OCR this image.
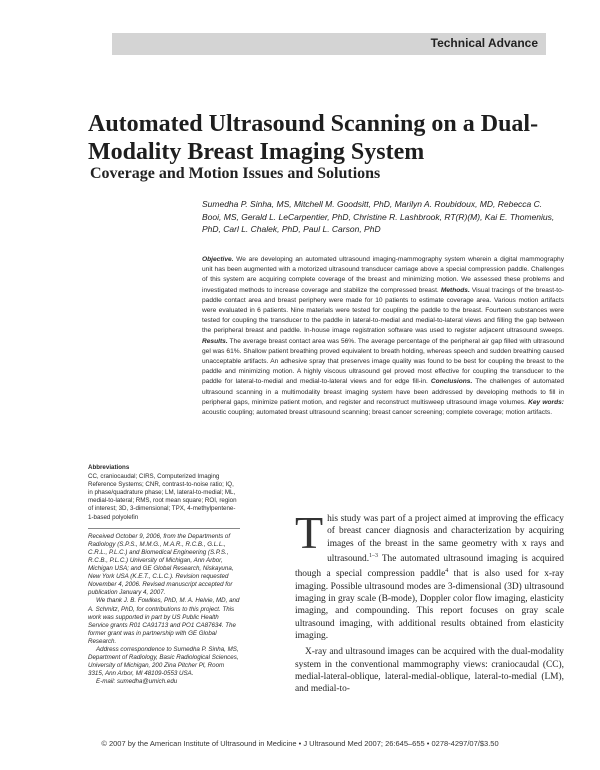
Technical Advance
Automated Ultrasound Scanning on a Dual-Modality Breast Imaging System
Coverage and Motion Issues and Solutions
Sumedha P. Sinha, MS, Mitchell M. Goodsitt, PhD, Marilyn A. Roubidoux, MD, Rebecca C. Booi, MS, Gerald L. LeCarpentier, PhD, Christine R. Lashbrook, RT(R)(M), Kai E. Thomenius, PhD, Carl L. Chalek, PhD, Paul L. Carson, PhD
Objective. We are developing an automated ultrasound imaging-mammography system wherein a digital mammography unit has been augmented with a motorized ultrasound transducer carriage above a special compression paddle. Challenges of this system are acquiring complete coverage of the breast and minimizing motion. We assessed these problems and investigated methods to increase coverage and stabilize the compressed breast. Methods. Visual tracings of the breast-to-paddle contact area and breast periphery were made for 10 patients to estimate coverage area. Various motion artifacts were evaluated in 6 patients. Nine materials were tested for coupling the paddle to the breast. Fourteen substances were tested for coupling the transducer to the paddle in lateral-to-medial and medial-to-lateral views and filling the gap between the peripheral breast and paddle. In-house image registration software was used to register adjacent ultrasound sweeps. Results. The average breast contact area was 56%. The average percentage of the peripheral air gap filled with ultrasound gel was 61%. Shallow patient breathing proved equivalent to breath holding, whereas speech and sudden breathing caused unacceptable artifacts. An adhesive spray that preserves image quality was found to be best for coupling the breast to the paddle and minimizing motion. A highly viscous ultrasound gel proved most effective for coupling the transducer to the paddle for lateral-to-medial and medial-to-lateral views and for edge fill-in. Conclusions. The challenges of automated ultrasound scanning in a multimodality breast imaging system have been addressed by developing methods to fill in peripheral gaps, minimize patient motion, and register and reconstruct multisweep ultrasound image volumes. Key words: acoustic coupling; automated breast ultrasound scanning; breast cancer screening; complete coverage; motion artifacts.
Abbreviations
CC, craniocaudal; CIRS, Computerized Imaging Reference Systems; CNR, contrast-to-noise ratio; IQ, in phase/quadrature phase; LM, lateral-to-medial; ML, medial-to-lateral; RMS, root mean square; ROI, region of interest; 3D, 3-dimensional; TPX, 4-methylpentene-1-based polyolefin

Received October 9, 2006, from the Departments of Radiology (S.P.S., M.M.G., M.A.R., R.C.B., G.L.L., C.R.L., P.L.C.) and Biomedical Engineering (S.P.S., R.C.B., P.L.C.) University of Michigan, Ann Arbor, Michigan USA; and GE Global Research, Niskayuna, New York USA (K.E.T., C.L.C.). Revision requested November 4, 2006. Revised manuscript accepted for publication January 4, 2007.

We thank J. B. Fowlkes, PhD, M. A. Helvie, MD, and A. Schmitz, PhD, for contributions to this project. This work was supported in part by US Public Health Service grants R01 CA91713 and PO1 CA87634. The former grant was in partnership with GE Global Research.

Address correspondence to Sumedha P. Sinha, MS, Department of Radiology, Basic Radiological Sciences, University of Michigan, 200 Zina Pitcher Pl, Room 3315, Ann Arbor, MI 48109-0553 USA.

E-mail: sumedha@umich.edu

This study was part of a project aimed at improving the efficacy of breast cancer diagnosis and characterization by acquiring images of the breast in the same geometry with x rays and ultrasound.$^{1-3}$ The automated ultrasound imaging is acquired though a special compression paddle$^4$ that is also used for x-ray imaging. Possible ultrasound modes are 3-dimensional (3D) ultrasound imaging in gray scale (B-mode), Doppler color flow imaging, elasticity imaging, and compounding. This report focuses on gray scale ultrasound imaging, with additional results obtained from elasticity imaging.

X-ray and ultrasound images can be acquired with the dual-modality system in the conventional mammography views: craniocaudal (CC), medial-lateral-oblique, lateral-medial-oblique, lateral-to-medial (LM), and medial-to-

© 2007 by the American Institute of Ultrasound in Medicine • J Ultrasound Med 2007; 26:645–655 • 0278-4297/07/$3.50
